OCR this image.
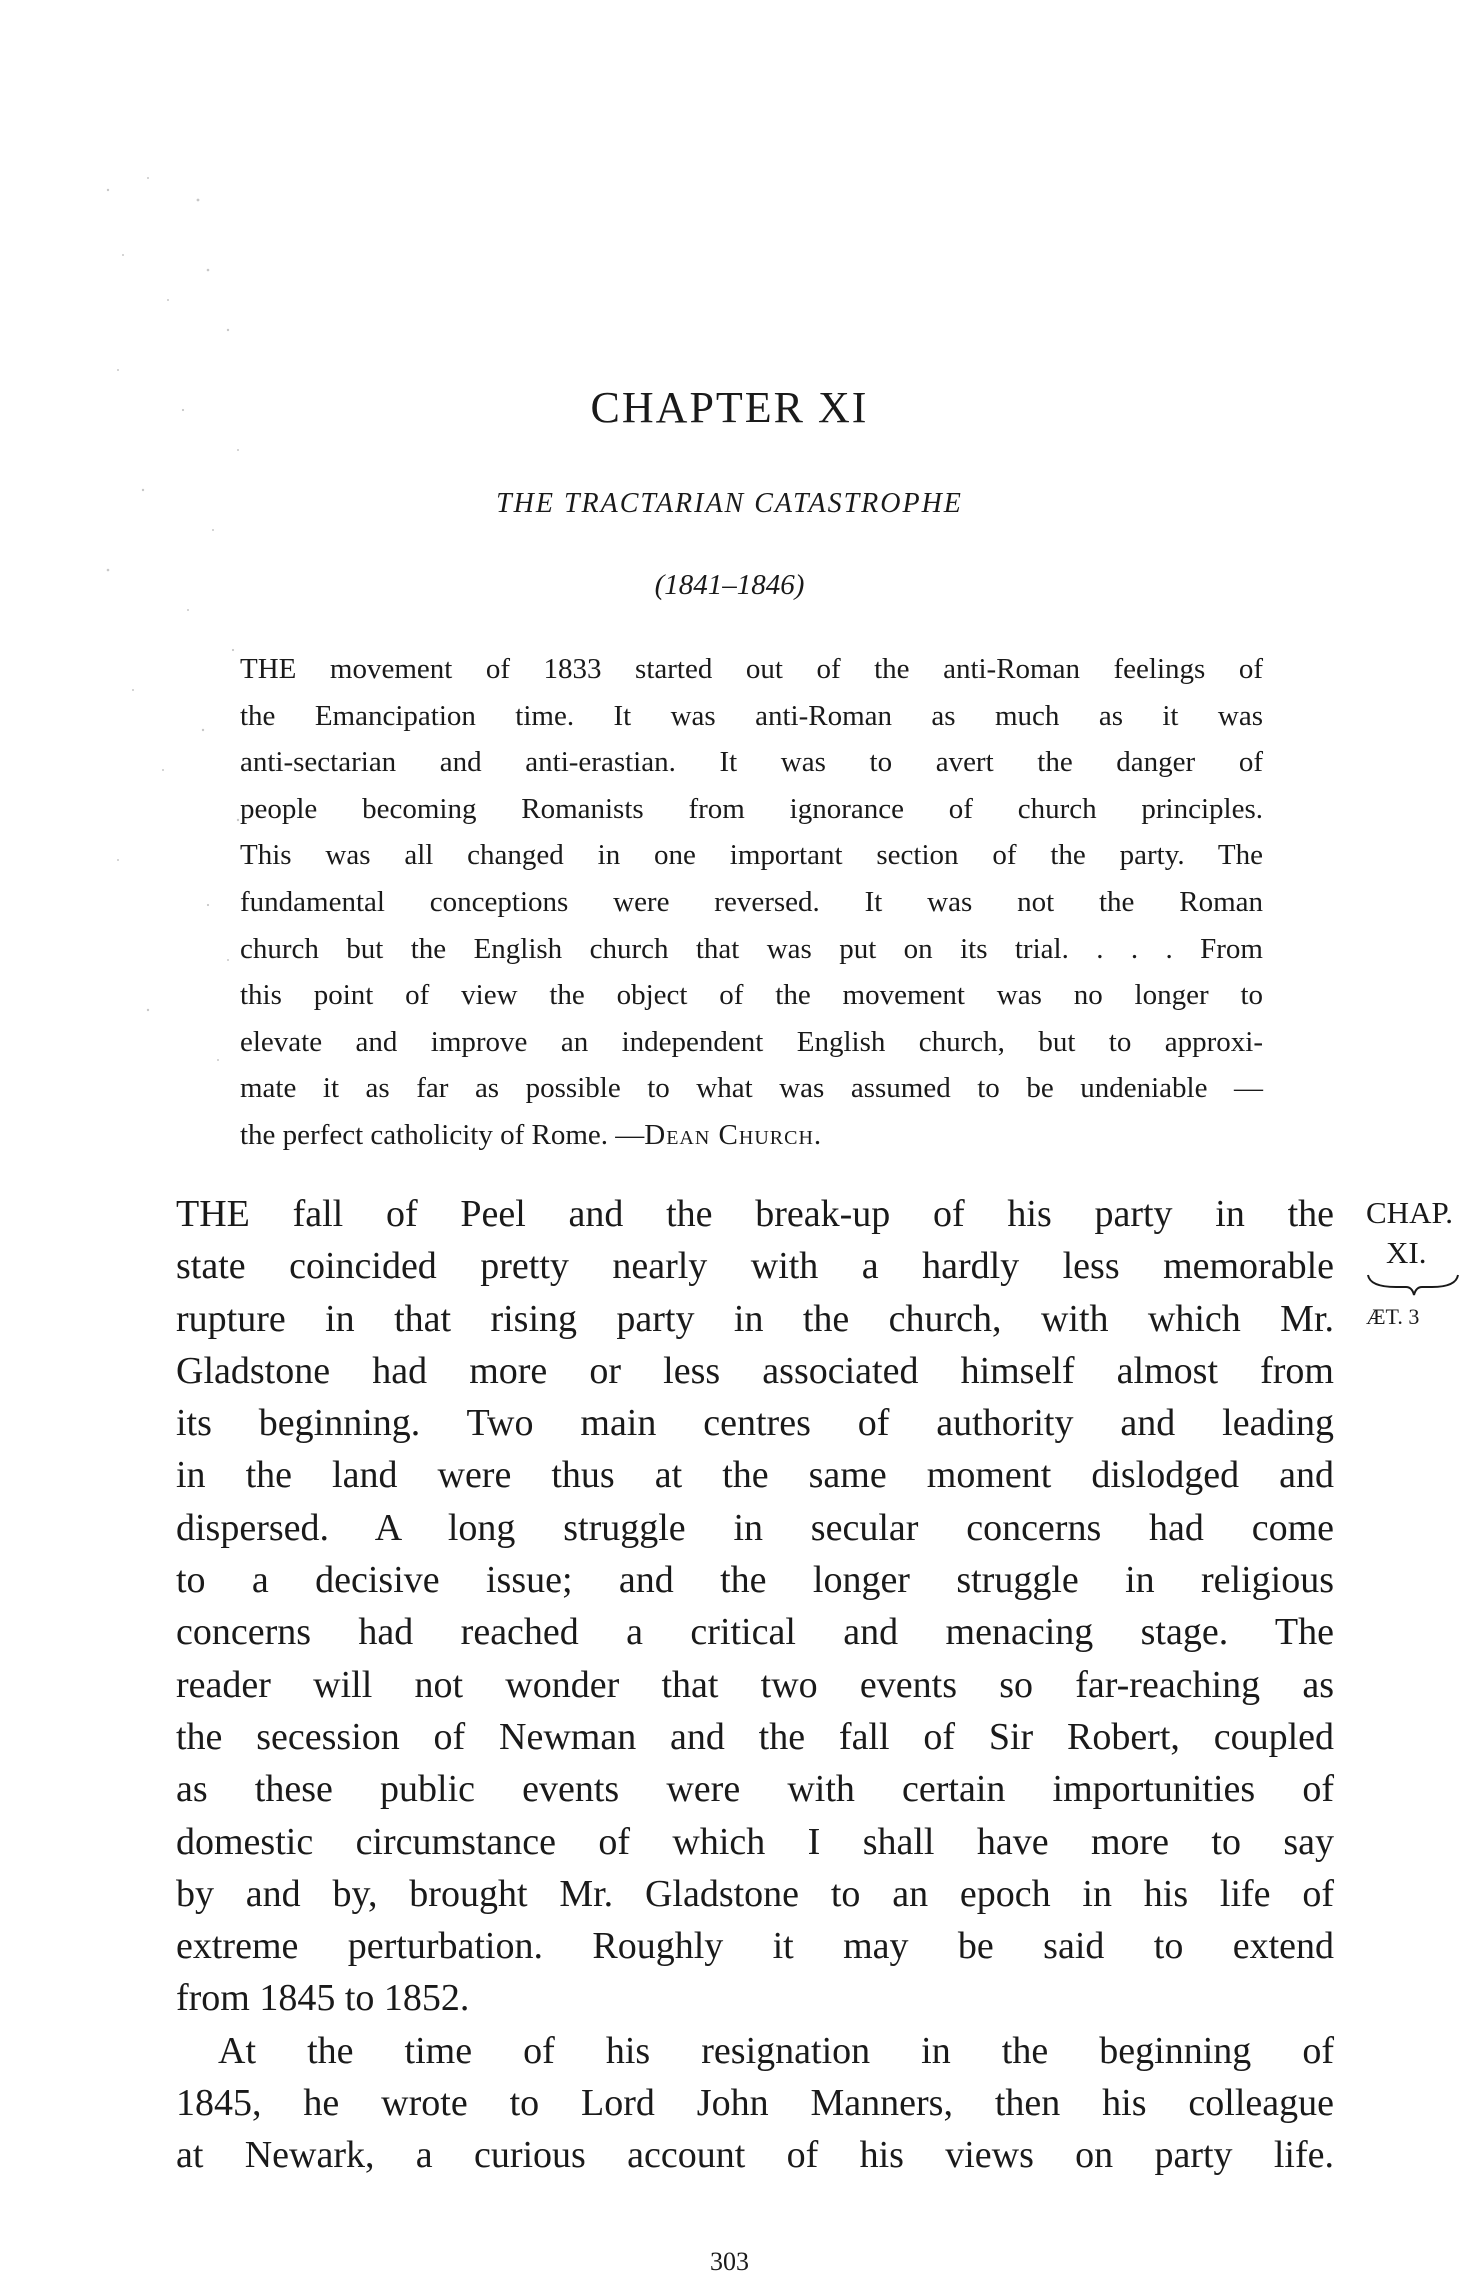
CHAPTER XI
THE TRACTARIAN CATASTROPHE
(1841–1846)
THE movement of 1833 started out of the anti-Roman feelings of
the Emancipation time. It was anti-Roman as much as it was
anti-sectarian and anti-erastian. It was to avert the danger of
people becoming Romanists from ignorance of church principles.
This was all changed in one important section of the party. The
fundamental conceptions were reversed. It was not the Roman
church but the English church that was put on its trial. . . . From
this point of view the object of the movement was no longer to
elevate and improve an independent English church, but to approxi-
mate it as far as possible to what was assumed to be undeniable —
the perfect catholicity of Rome. —Dean Church.
THE fall of Peel and the break-up of his party in the
state coincided pretty nearly with a hardly less memorable
rupture in that rising party in the church, with which Mr.
Gladstone had more or less associated himself almost from
its beginning. Two main centres of authority and leading
in the land were thus at the same moment dislodged and
dispersed. A long struggle in secular concerns had come
to a decisive issue; and the longer struggle in religious
concerns had reached a critical and menacing stage. The
reader will not wonder that two events so far-reaching as
the secession of Newman and the fall of Sir Robert, coupled
as these public events were with certain importunities of
domestic circumstance of which I shall have more to say
by and by, brought Mr. Gladstone to an epoch in his life of
extreme perturbation. Roughly it may be said to extend
from 1845 to 1852.
At the time of his resignation in the beginning of
1845, he wrote to Lord John Manners, then his colleague
at Newark, a curious account of his views on party life.
CHAP.
XI.
ÆT. 3
303
